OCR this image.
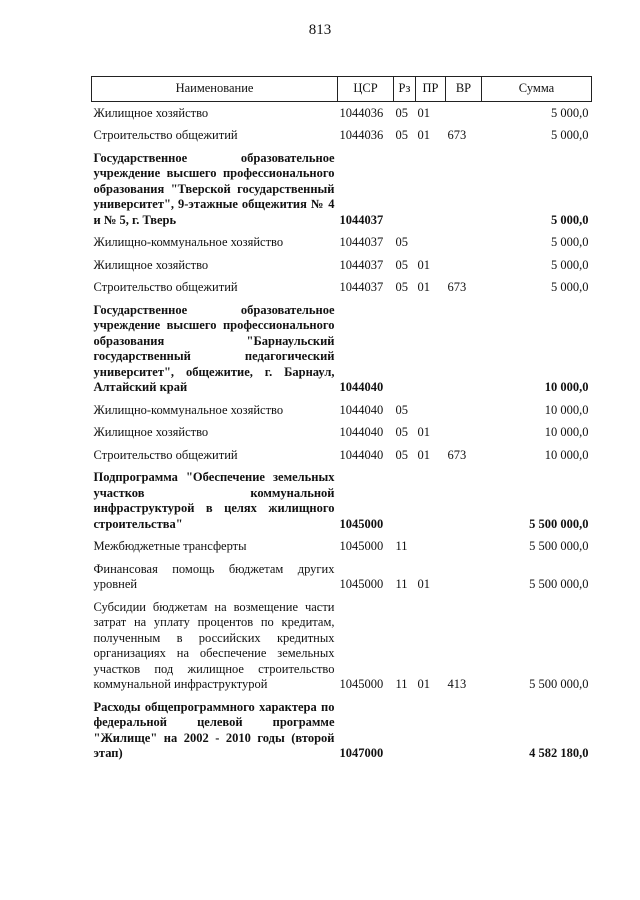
813
Наименование	ЦСР	Рз	ПР	ВР	Сумма
Жилищное хозяйство	1044036	05	01		5 000,0
Строительство общежитий	1044036	05	01	673	5 000,0
Государственное образовательное учреждение высшего профессионального образования "Тверской государственный университет", 9-этажные общежития № 4 и № 5, г. Тверь	1044037				5 000,0
Жилищно-коммунальное хозяйство	1044037	05			5 000,0
Жилищное хозяйство	1044037	05	01		5 000,0
Строительство общежитий	1044037	05	01	673	5 000,0
Государственное образовательное учреждение высшего профессионального образования "Барнаульский государственный педагогический университет", общежитие, г. Барнаул, Алтайский край	1044040				10 000,0
Жилищно-коммунальное хозяйство	1044040	05			10 000,0
Жилищное хозяйство	1044040	05	01		10 000,0
Строительство общежитий	1044040	05	01	673	10 000,0
Подпрограмма "Обеспечение земельных участков коммунальной инфраструктурой в целях жилищного строительства"	1045000				5 500 000,0
Межбюджетные трансферты	1045000	11			5 500 000,0
Финансовая помощь бюджетам других уровней	1045000	11	01		5 500 000,0
Субсидии бюджетам на возмещение части затрат на уплату процентов по кредитам, полученным в российских кредитных организациях на обеспечение земельных участков под жилищное строительство коммунальной инфраструктурой	1045000	11	01	413	5 500 000,0
Расходы общепрограммного характера по федеральной целевой программе "Жилище" на 2002 - 2010 годы (второй этап)	1047000				4 582 180,0
